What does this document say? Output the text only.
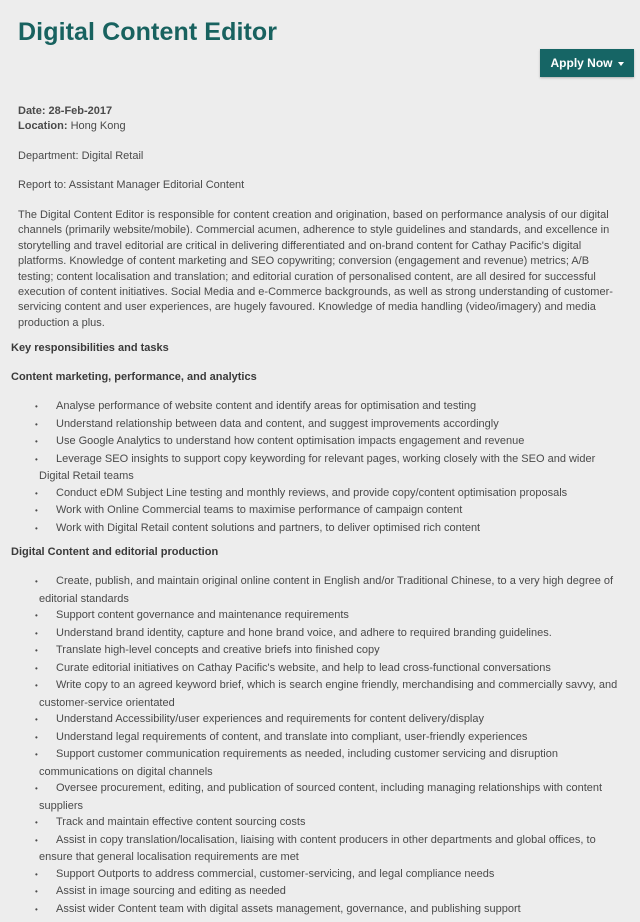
Digital Content Editor
Apply Now
Date: 28-Feb-2017
Location: Hong Kong
Department: Digital Retail
Report to: Assistant Manager Editorial Content
The Digital Content Editor is responsible for content creation and origination, based on performance analysis of our digital channels (primarily website/mobile). Commercial acumen, adherence to style guidelines and standards, and excellence in storytelling and travel editorial are critical in delivering differentiated and on-brand content for Cathay Pacific's digital platforms. Knowledge of content marketing and SEO copywriting; conversion (engagement and revenue) metrics; A/B testing; content localisation and translation; and editorial curation of personalised content, are all desired for successful execution of content initiatives. Social Media and e-Commerce backgrounds, as well as strong understanding of customer-servicing content and user experiences, are hugely favoured. Knowledge of media handling (video/imagery) and media production a plus.
Key responsibilities and tasks
Content marketing, performance, and analytics
• Analyse performance of website content and identify areas for optimisation and testing
• Understand relationship between data and content, and suggest improvements accordingly
• Use Google Analytics to understand how content optimisation impacts engagement and revenue
• Leverage SEO insights to support copy keywording for relevant pages, working closely with the SEO and wider Digital Retail teams
• Conduct eDM Subject Line testing and monthly reviews, and provide copy/content optimisation proposals
• Work with Online Commercial teams to maximise performance of campaign content
• Work with Digital Retail content solutions and partners, to deliver optimised rich content
Digital Content and editorial production
• Create, publish, and maintain original online content in English and/or Traditional Chinese, to a very high degree of editorial standards
• Support content governance and maintenance requirements
• Understand brand identity, capture and hone brand voice, and adhere to required branding guidelines.
• Translate high-level concepts and creative briefs into finished copy
• Curate editorial initiatives on Cathay Pacific's website, and help to lead cross-functional conversations
• Write copy to an agreed keyword brief, which is search engine friendly, merchandising and commercially savvy, and customer-service orientated
• Understand Accessibility/user experiences and requirements for content delivery/display
• Understand legal requirements of content, and translate into compliant, user-friendly experiences
• Support customer communication requirements as needed, including customer servicing and disruption communications on digital channels
• Oversee procurement, editing, and publication of sourced content, including managing relationships with content suppliers
• Track and maintain effective content sourcing costs
• Assist in copy translation/localisation, liaising with content producers in other departments and global offices, to ensure that general localisation requirements are met
• Support Outports to address commercial, customer-servicing, and legal compliance needs
• Assist in image sourcing and editing as needed
• Assist wider Content team with digital assets management, governance, and publishing support
